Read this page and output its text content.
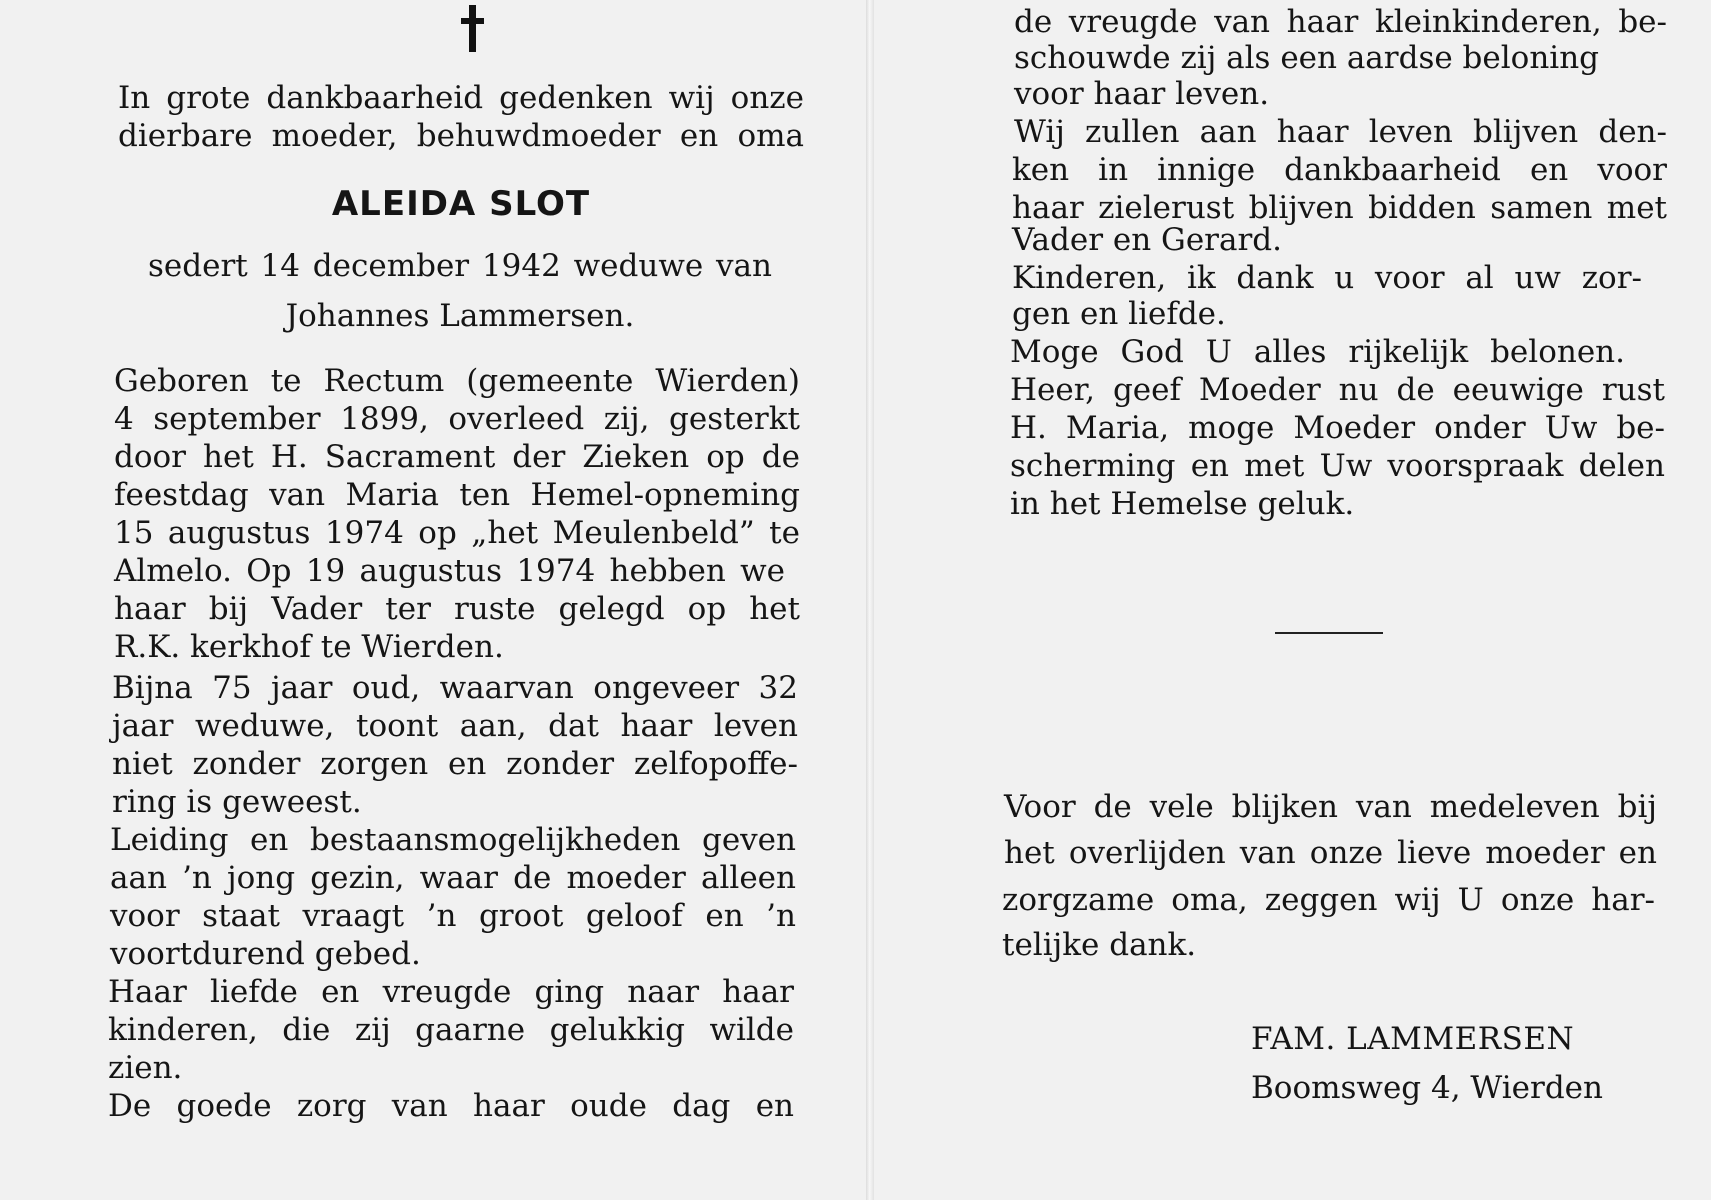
In grote dankbaarheid gedenken wij onze
dierbare moeder, behuwdmoeder en oma
ALEIDA SLOT
sedert 14 december 1942 weduwe van
Johannes Lammersen.
Geboren te Rectum (gemeente Wierden)
4 september 1899, overleed zij, gesterkt
door het H. Sacrament der Zieken op de
feestdag van Maria ten Hemel-opneming
15 augustus 1974 op „het Meulenbeld” te
Almelo. Op 19 augustus 1974 hebben we
haar bij Vader ter ruste gelegd op het
R.K. kerkhof te Wierden.
Bijna 75 jaar oud, waarvan ongeveer 32
jaar weduwe, toont aan, dat haar leven
niet zonder zorgen en zonder zelfopoffe-
ring is geweest.
Leiding en bestaansmogelijkheden geven
aan ’n jong gezin, waar de moeder alleen
voor staat vraagt ’n groot geloof en ’n
voortdurend gebed.
Haar liefde en vreugde ging naar haar
kinderen, die zij gaarne gelukkig wilde
zien.
De goede zorg van haar oude dag en
de vreugde van haar kleinkinderen, be-
schouwde zij als een aardse beloning
voor haar leven.
Wij zullen aan haar leven blijven den-
ken in innige dankbaarheid en voor
haar zielerust blijven bidden samen met
Vader en Gerard.
Kinderen, ik dank u voor al uw zor-
gen en liefde.
Moge God U alles rijkelijk belonen.
Heer, geef Moeder nu de eeuwige rust
H. Maria, moge Moeder onder Uw be-
scherming en met Uw voorspraak delen
in het Hemelse geluk.
Voor de vele blijken van medeleven bij
het overlijden van onze lieve moeder en
zorgzame oma, zeggen wij U onze har-
telijke dank.
FAM. LAMMERSEN
Boomsweg 4, Wierden
